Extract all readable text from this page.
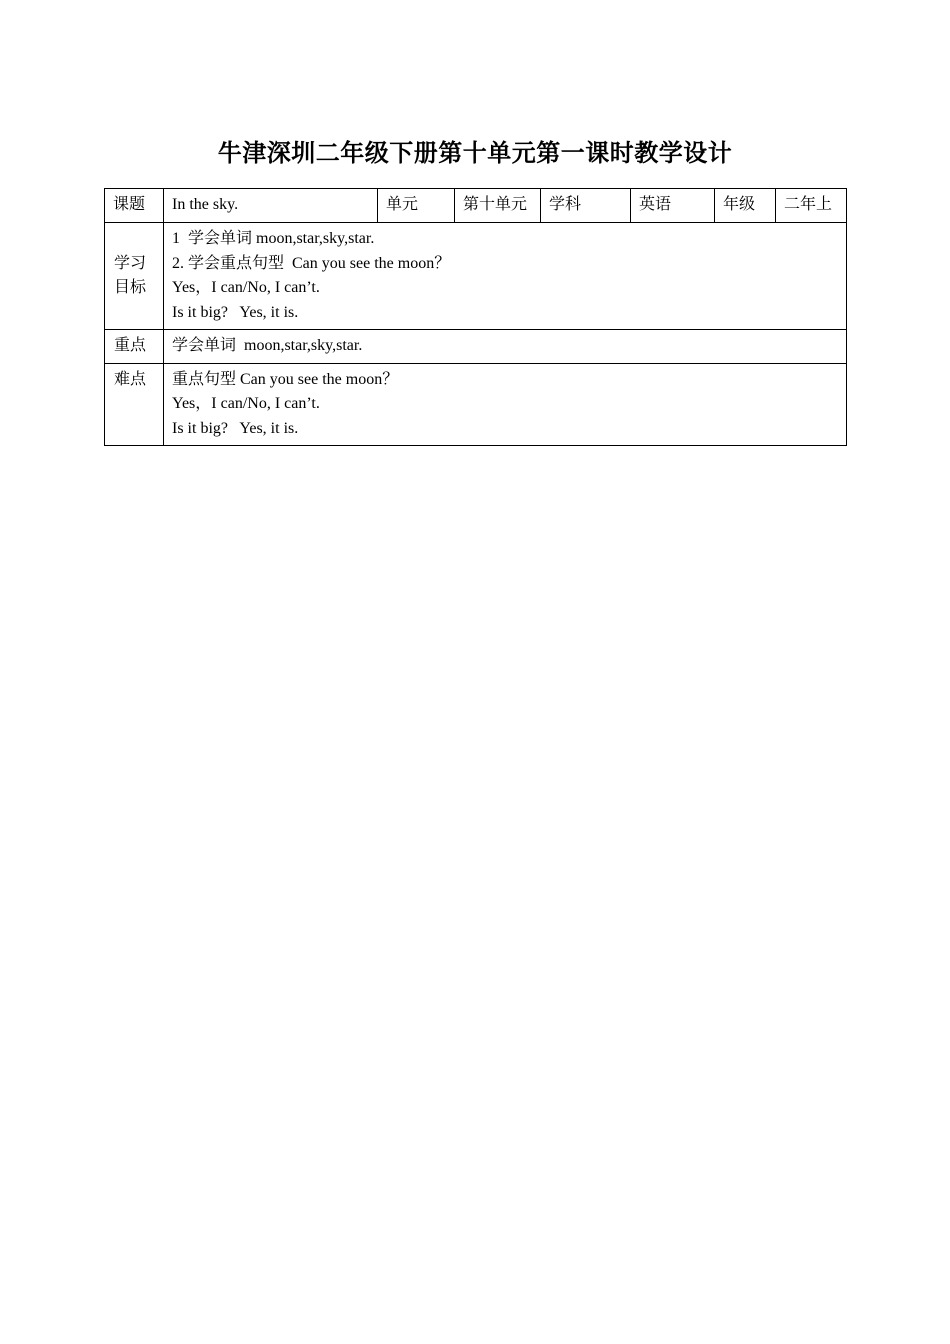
牛津深圳二年级下册第十单元第一课时教学设计
课题	In the sky.	单元	第十单元	学科	英语	年级	二年上

学习
目标	1  学会单词 moon,star,sky,star.
2. 学会重点句型  Can you see the moon？
Yes，I can/No, I can’t.
Is it big?   Yes, it is.						

重点	学会单词  moon,star,sky,star.						

难点	重点句型 Can you see the moon？
Yes，I can/No, I can’t.
Is it big?   Yes, it is.						
